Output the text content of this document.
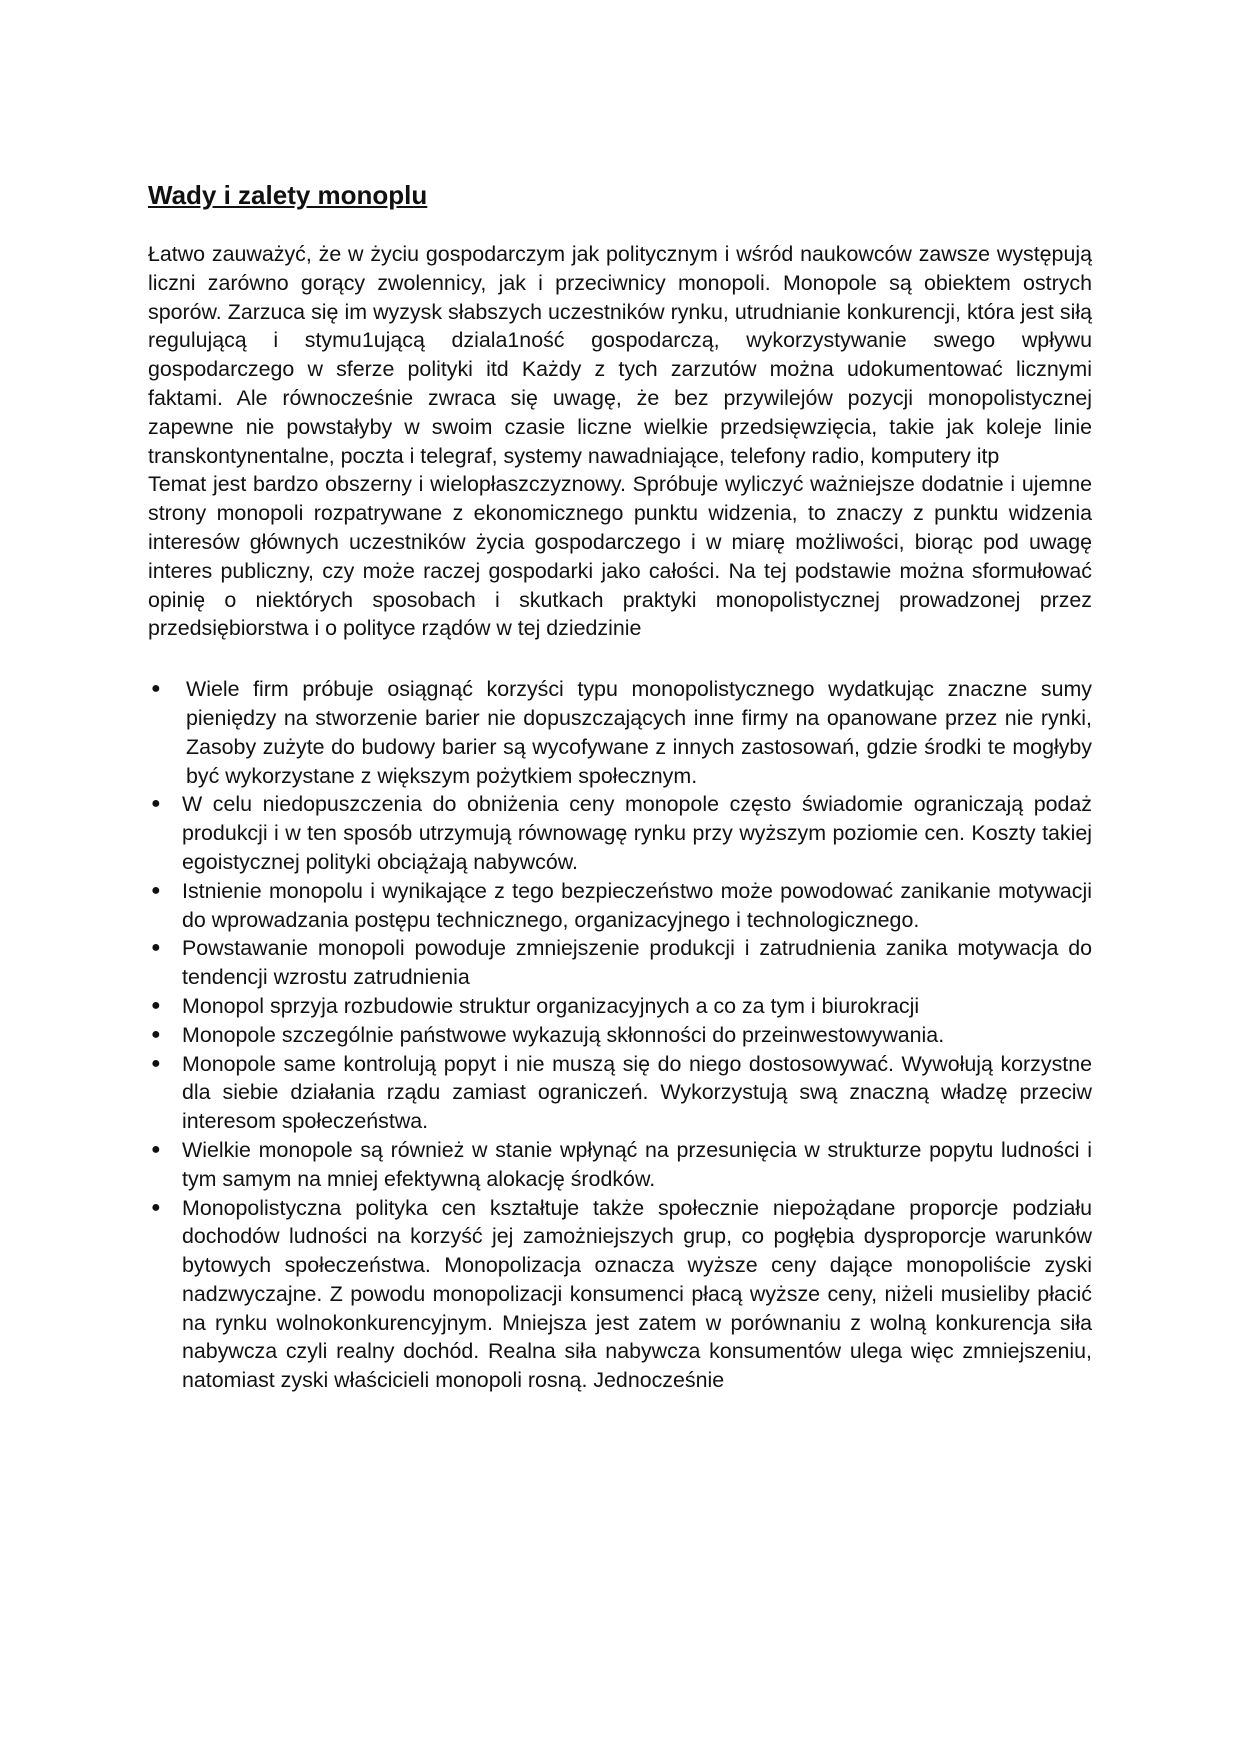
Wady i zalety monoplu

Łatwo zauważyć, że w życiu gospodarczym jak politycznym i wśród naukowców zawsze występują liczni zarówno gorący zwolennicy, jak i przeciwnicy monopoli. Monopole są obiektem ostrych sporów. Zarzuca się im wyzysk słabszych uczestników rynku, utrudnianie konkurencji, która jest siłą regulującą i stymu1ującą dziala1ność gospodarczą, wykorzystywanie swego wpływu gospodarczego w sferze polityki itd Każdy z tych zarzutów można udokumentować licznymi faktami. Ale równocześnie zwraca się uwagę, że bez przywilejów pozycji monopolistycznej zapewne nie powstałyby w swoim czasie liczne wielkie przedsięwzięcia, takie jak koleje linie transkontynentalne, poczta i telegraf, systemy nawadniające, telefony radio, komputery itp

Temat jest bardzo obszerny i wielopłaszczyznowy. Spróbuje wyliczyć ważniejsze dodatnie i ujemne strony monopoli rozpatrywane z ekonomicznego punktu widzenia, to znaczy z punktu widzenia interesów głównych uczestników życia gospodarczego i w miarę możliwości, biorąc pod uwagę interes publiczny, czy może raczej gospodarki jako całości. Na tej podstawie można sformułować opinię o niektórych sposobach i skutkach praktyki monopolistycznej prowadzonej przez przedsiębiorstwa i o polityce rządów w tej dziedzinie

●	Wiele firm próbuje osiągnąć korzyści typu monopolistycznego wydatkując znaczne sumy pieniędzy na stworzenie barier nie dopuszczających inne firmy na opanowane przez nie rynki, Zasoby zużyte do budowy barier są wycofywane z innych zastosowań, gdzie środki te mogłyby być wykorzystane z większym pożytkiem społecznym.
● W celu niedopuszczenia do obniżenia ceny monopole często świadomie ograniczają podaż produkcji i w ten sposób utrzymują równowagę rynku przy wyższym poziomie cen. Koszty takiej egoistycznej polityki obciążają nabywców.
● Istnienie monopolu i wynikające z tego bezpieczeństwo może powodować zanikanie motywacji do wprowadzania postępu technicznego, organizacyjnego i technologicznego.
● Powstawanie monopoli powoduje zmniejszenie produkcji i zatrudnienia zanika motywacja do tendencji wzrostu zatrudnienia
● Monopol sprzyja rozbudowie struktur organizacyjnych a co za tym i biurokracji
● Monopole szczególnie państwowe wykazują skłonności do przeinwestowywania.
● Monopole same kontrolują popyt i nie muszą się do niego dostosowywać. Wywołują korzystne dla siebie działania rządu zamiast ograniczeń. Wykorzystują swą znaczną władzę przeciw interesom społeczeństwa.
● Wielkie monopole są również w stanie wpłynąć na przesunięcia w strukturze popytu ludności i tym samym na mniej efektywną alokację środków.
● Monopolistyczna polityka cen kształtuje także społecznie niepożądane proporcje podziału dochodów ludności na korzyść jej zamożniejszych grup, co pogłębia dysproporcje warunków bytowych społeczeństwa. Monopolizacja oznacza wyższe ceny dające monopoliście zyski nadzwyczajne. Z powodu monopolizacji konsumenci płacą wyższe ceny, niżeli musieliby płacić na rynku wolnokonkurencyjnym. Mniejsza jest zatem w porównaniu z wolną konkurencja siła nabywcza czyli realny dochód. Realna siła nabywcza konsumentów ulega więc zmniejszeniu, natomiast zyski właścicieli monopoli rosną. Jednocześnie
